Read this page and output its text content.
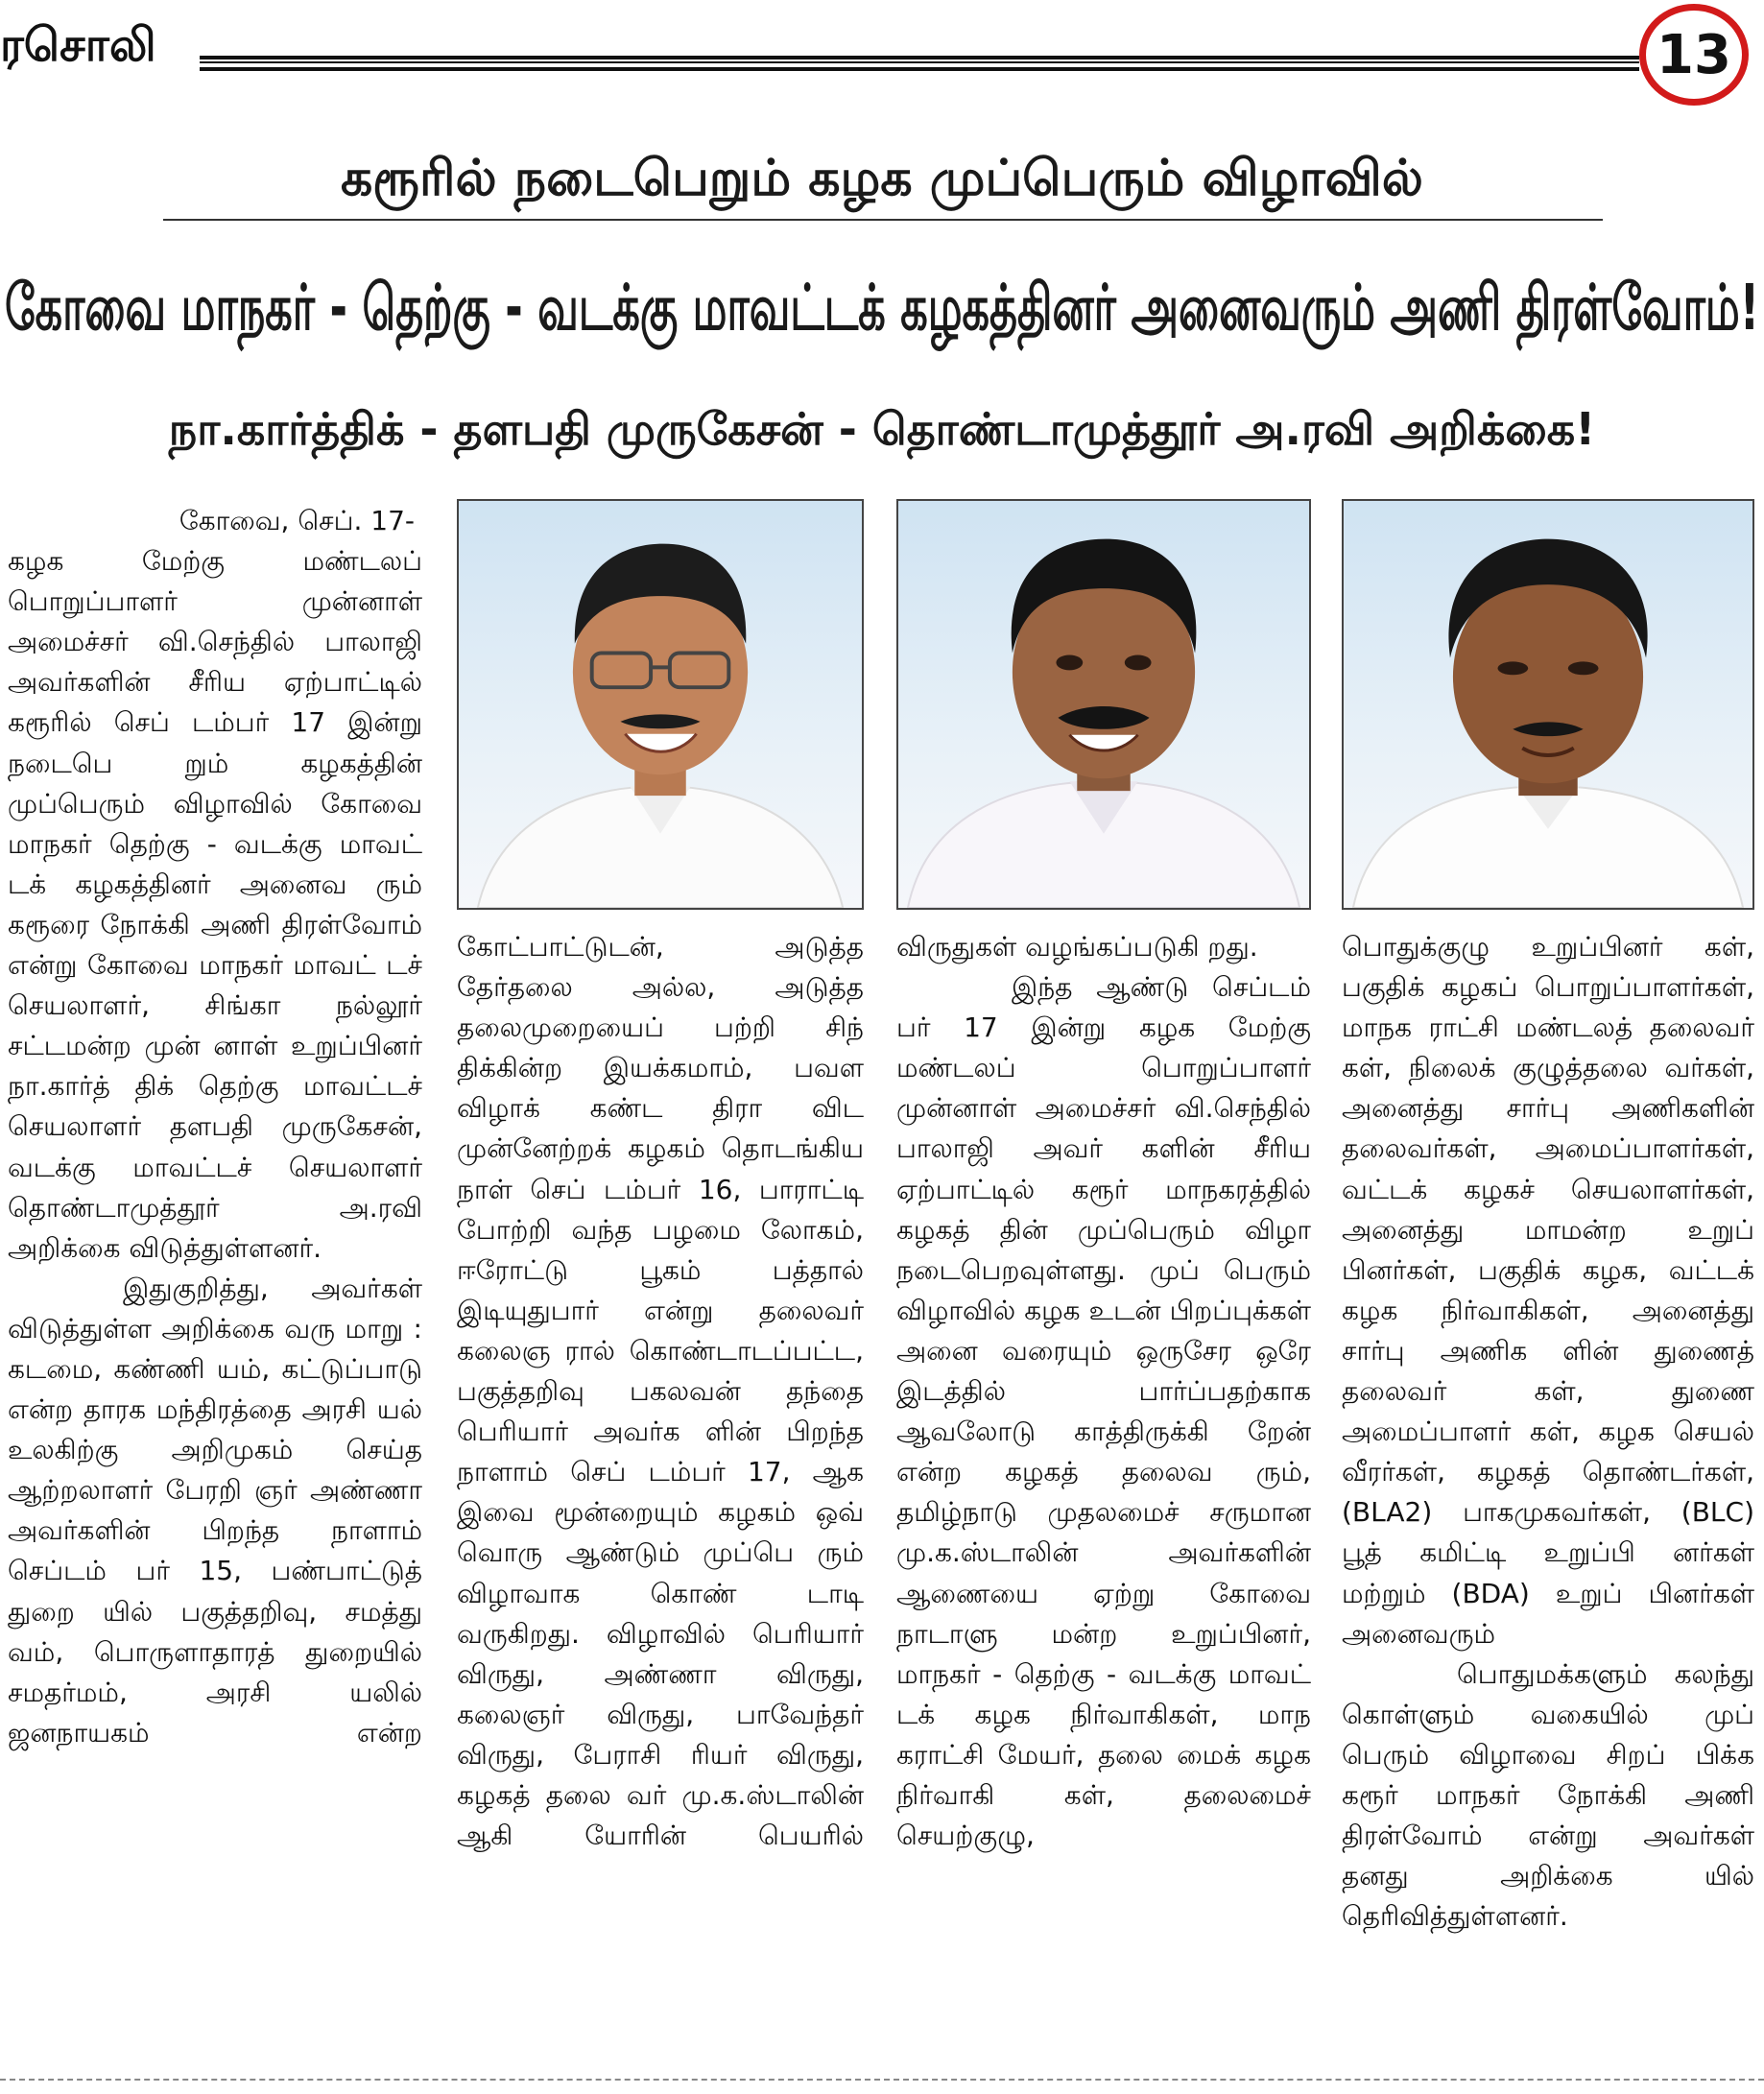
ரசொலி	13
கரூரில் நடைபெறும் கழக முப்பெரும் விழாவில்
கோவை மாநகர் - தெற்கு - வடக்கு மாவட்டக் கழகத்தினர் அனைவரும் அணி திரள்வோம்!
நா.கார்த்திக் - தளபதி முருகேசன் - தொண்டாமுத்தூர் அ.ரவி அறிக்கை!

கோவை, செப். 17-

கழக மேற்கு மண்டலப் பொறுப்பாளர் முன்னாள் அமைச்சர் வி.செந்தில் பாலாஜி அவர்களின் சீரிய ஏற்பாட்டில் கரூரில் செப் டம்பர் 17 இன்று நடைபெ றும் கழகத்தின் முப்பெரும் விழாவில் கோவை மாநகர் தெற்கு - வடக்கு மாவட் டக் கழகத்தினர் அனைவ ரும் கரூரை நோக்கி அணி திரள்வோம் என்று கோவை மாநகர் மாவட் டச் செயலாளர், சிங்கா நல்லூர் சட்டமன்ற முன் னாள் உறுப்பினர் நா.கார்த் திக் தெற்கு மாவட்டச் செயலாளர் தளபதி முருகேசன், வடக்கு மாவட்டச் செயலாளர் தொண்டாமுத்தூர் அ.ரவி அறிக்கை விடுத்துள்ளனர்.

இதுகுறித்து, அவர்கள் விடுத்துள்ள அறிக்கை வரு மாறு : கடமை, கண்ணி யம், கட்டுப்பாடு என்ற தாரக மந்திரத்தை அரசி யல் உலகிற்கு அறிமுகம் செய்த ஆற்றலாளர் பேரறி ஞர் அண்ணா அவர்களின் பிறந்த நாளாம் செப்டம் பர் 15, பண்பாட்டுத் துறை யில் பகுத்தறிவு, சமத்து வம், பொருளாதாரத் துறையில் சமதர்மம், அரசி யலில் ஜனநாயகம் என்ற

கோட்பாட்டுடன், அடுத்த தேர்தலை அல்ல, அடுத்த தலைமுறையைப் பற்றி சிந் திக்கின்ற இயக்கமாம், பவள விழாக் கண்ட திரா விட முன்னேற்றக் கழகம் தொடங்கிய நாள் செப் டம்பர் 16, பாராட்டி போற்றி வந்த பழமை லோகம், ஈரோட்டு பூகம் பத்தால் இடியுதுபார் என்று தலைவர் கலைஞ ரால் கொண்டாடப்பட்ட, பகுத்தறிவு பகலவன் தந்தை பெரியார் அவர்க ளின் பிறந்த நாளாம் செப் டம்பர் 17, ஆக இவை மூன்றையும் கழகம் ஒவ் வொரு ஆண்டும் முப்பெ ரும் விழாவாக கொண் டாடி வருகிறது. விழாவில் பெரியார் விருது, அண்ணா விருது, கலைஞர் விருது, பாவேந்தர் விருது, பேராசி ரியர் விருது, கழகத் தலை வர் மு.க.ஸ்டாலின் ஆகி யோரின் பெயரில்

விருதுகள் வழங்கப்படுகி றது.

இந்த ஆண்டு செப்டம் பர் 17 இன்று கழக மேற்கு மண்டலப் பொறுப்பாளர் முன்னாள் அமைச்சர் வி.செந்தில் பாலாஜி அவர் களின் சீரிய ஏற்பாட்டில் கரூர் மாநகரத்தில் கழகத் தின் முப்பெரும் விழா நடைபெறவுள்ளது. முப் பெரும் விழாவில் கழக உடன் பிறப்புக்கள் அனை வரையும் ஒருசேர ஒரே இடத்தில் பார்ப்பதற்காக ஆவலோடு காத்திருக்கி றேன் என்ற கழகத் தலைவ ரும், தமிழ்நாடு முதலமைச் சருமான மு.க.ஸ்டாலின் அவர்களின் ஆணையை ஏற்று கோவை நாடாளு மன்ற உறுப்பினர், மாநகர் - தெற்கு - வடக்கு மாவட் டக் கழக நிர்வாகிகள், மாந கராட்சி மேயர், தலை மைக் கழக நிர்வாகி கள், தலைமைச் செயற்குழு,

பொதுக்குழு உறுப்பினர் கள், பகுதிக் கழகப் பொறுப்பாளர்கள், மாநக ராட்சி மண்டலத் தலைவர் கள், நிலைக் குழுத்தலை வர்கள், அனைத்து சார்பு அணிகளின் தலைவர்கள், அமைப்பாளர்கள், வட்டக் கழகச் செயலாளர்கள், அனைத்து மாமன்ற உறுப் பினர்கள், பகுதிக் கழக, வட்டக் கழக நிர்வாகிகள், அனைத்து சார்பு அணிக ளின் துணைத் தலைவர் கள், துணை அமைப்பாளர் கள், கழக செயல் வீரர்கள், கழகத் தொண்டர்கள், (BLA2) பாகமுகவர்கள், (BLC) பூத் கமிட்டி உறுப்பி னர்கள் மற்றும் (BDA) உறுப் பினர்கள் அனைவரும்

பொதுமக்களும் கலந்து கொள்ளும் வகையில் முப் பெரும் விழாவை சிறப் பிக்க கரூர் மாநகர் நோக்கி அணி திரள்வோம் என்று அவர்கள் தனது அறிக்கை யில் தெரிவித்துள்ளனர்.
